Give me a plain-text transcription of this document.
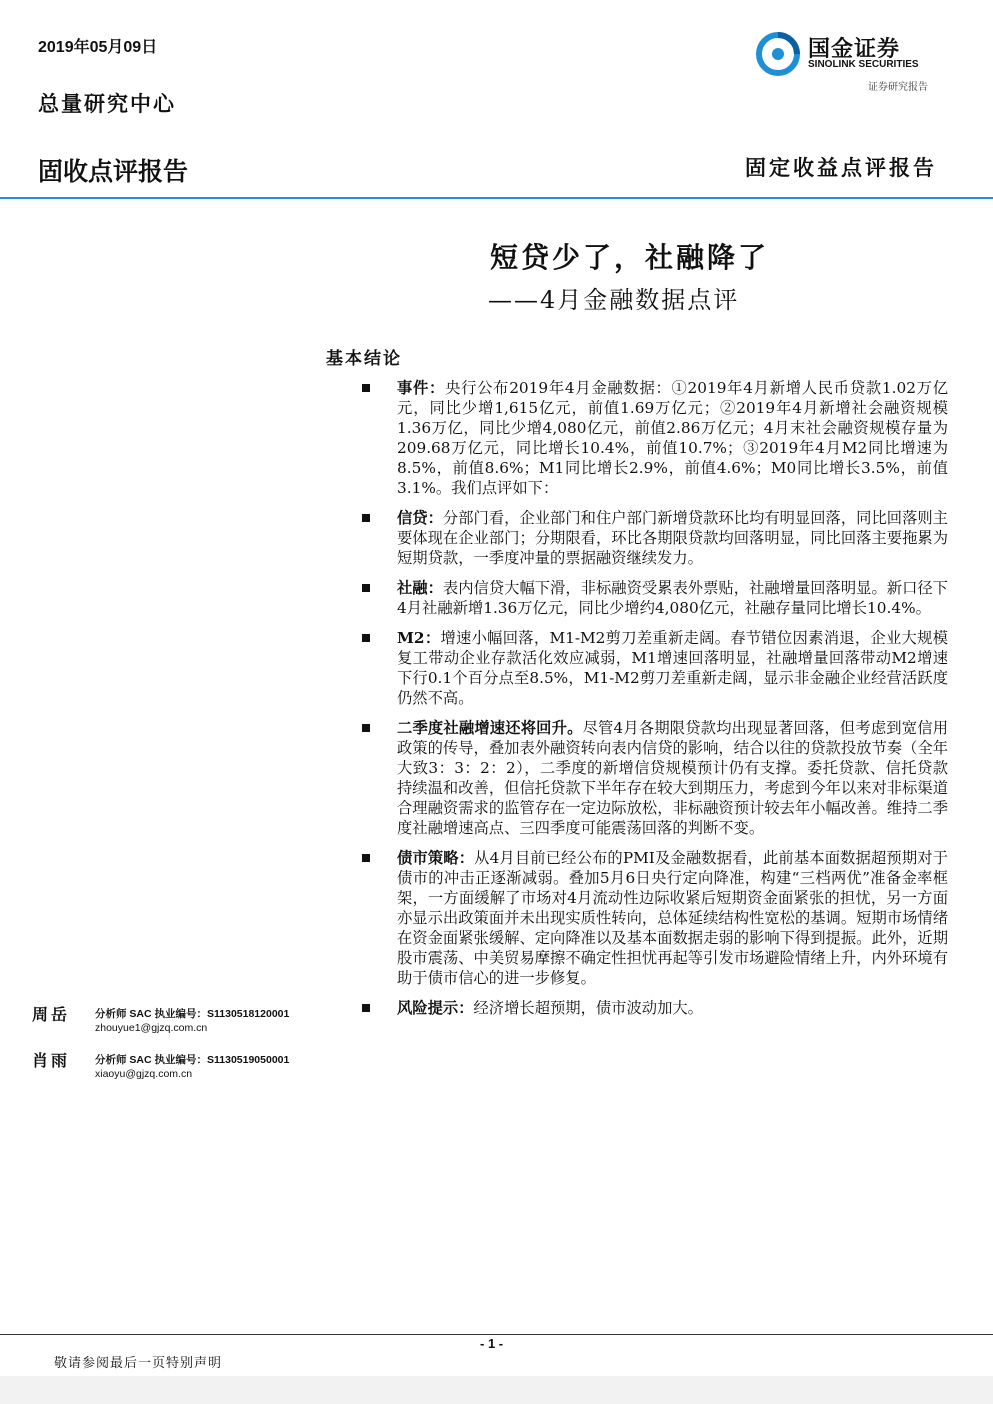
2019年05月09日
总量研究中心
国金证券
SINOLINK SECURITIES
证券研究报告
固收点评报告	固定收益点评报告
短贷少了，社融降了
——4月金融数据点评
基本结论
事件：央行公布2019年4月金融数据：①2019年4月新增人民币贷款1.02万亿元，同比少增1,615亿元，前值1.69万亿元；②2019年4月新增社会融资规模1.36万亿，同比少增4,080亿元，前值2.86万亿元；4月末社会融资规模存量为209.68万亿元，同比增长10.4%，前值10.7%；③2019年4月M2同比增速为8.5%，前值8.6%；M1同比增长2.9%，前值4.6%；M0同比增长3.5%，前值3.1%。我们点评如下：
信贷：分部门看，企业部门和住户部门新增贷款环比均有明显回落，同比回落则主要体现在企业部门；分期限看，环比各期限贷款均回落明显，同比回落主要拖累为短期贷款，一季度冲量的票据融资继续发力。
社融：表内信贷大幅下滑，非标融资受累表外票贴，社融增量回落明显。新口径下4月社融新增1.36万亿元，同比少增约4,080亿元，社融存量同比增长10.4%。
M2：增速小幅回落，M1-M2剪刀差重新走阔。春节错位因素消退，企业大规模复工带动企业存款活化效应减弱，M1增速回落明显，社融增量回落带动M2增速下行0.1个百分点至8.5%，M1-M2剪刀差重新走阔，显示非金融企业经营活跃度仍然不高。
二季度社融增速还将回升。尽管4月各期限贷款均出现显著回落，但考虑到宽信用政策的传导，叠加表外融资转向表内信贷的影响，结合以往的贷款投放节奏（全年大致3：3：2：2），二季度的新增信贷规模预计仍有支撑。委托贷款、信托贷款持续温和改善，但信托贷款下半年存在较大到期压力，考虑到今年以来对非标渠道合理融资需求的监管存在一定边际放松，非标融资预计较去年小幅改善。维持二季度社融增速高点、三四季度可能震荡回落的判断不变。
债市策略：从4月目前已经公布的PMI及金融数据看，此前基本面数据超预期对于债市的冲击正逐渐减弱。叠加5月6日央行定向降准，构建“三档两优”准备金率框架，一方面缓解了市场对4月流动性边际收紧后短期资金面紧张的担忧，另一方面亦显示出政策面并未出现实质性转向，总体延续结构性宽松的基调。短期市场情绪在资金面紧张缓解、定向降准以及基本面数据走弱的影响下得到提振。此外，近期股市震荡、中美贸易摩擦不确定性担忧再起等引发市场避险情绪上升，内外环境有助于债市信心的进一步修复。
风险提示：经济增长超预期，债市波动加大。
周岳 分析师 SAC 执业编号：S1130518120001
zhouyue1@gjzq.com.cn
肖雨 分析师 SAC 执业编号：S1130519050001
xiaoyu@gjzq.com.cn
- 1 -
敬请参阅最后一页特别声明
